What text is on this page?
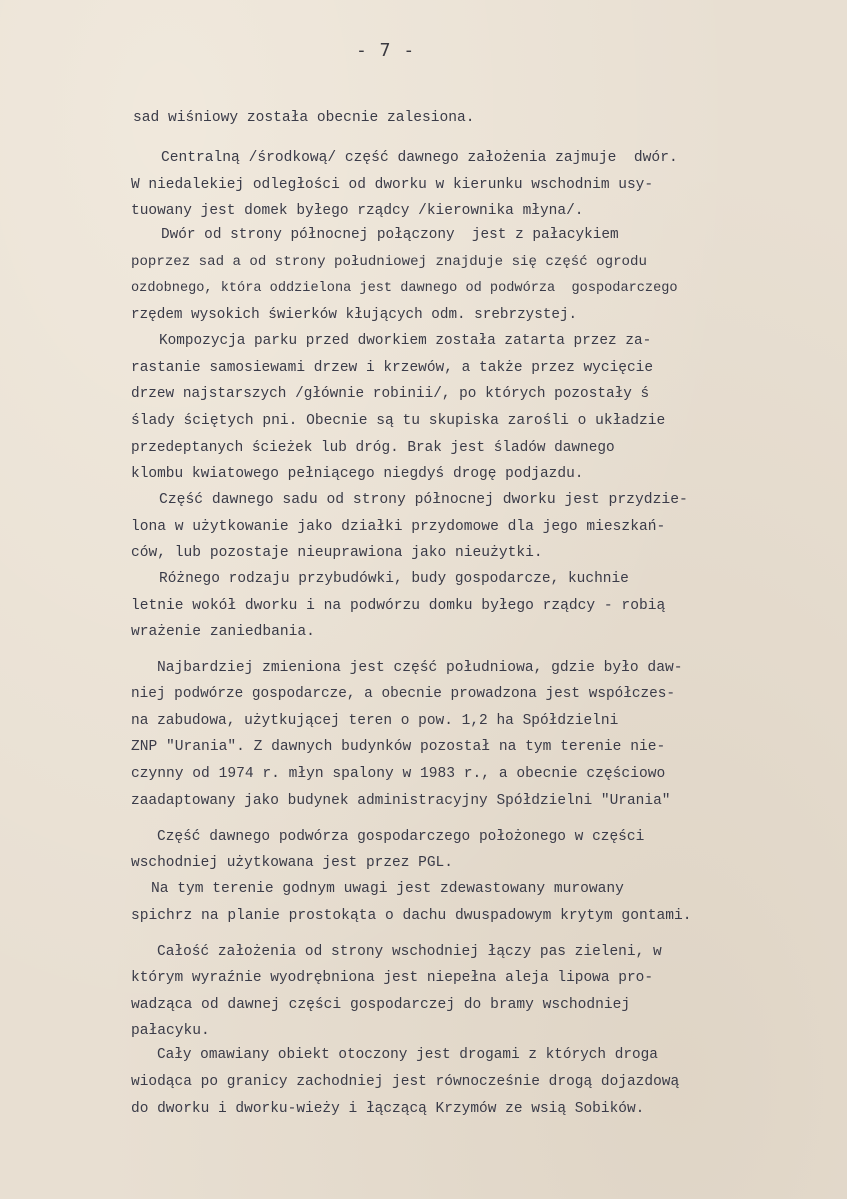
- 7 -
sad wiśniowy została obecnie zalesiona.
Centralną /środkową/ część dawnego założenia zajmuje  dwór.
W niedalekiej odległości od dworku w kierunku wschodnim usy-
tuowany jest domek byłego rządcy /kierownika młyna/.
Dwór od strony północnej połączony  jest z pałacykiem
poprzez sad a od strony południowej znajduje się część ogrodu
ozdobnego, która oddzielona jest dawnego od podwórza  gospodarczego
rzędem wysokich świerków kłujących odm. srebrzystej.
Kompozycja parku przed dworkiem została zatarta przez za-
rastanie samosiewami drzew i krzewów, a także przez wycięcie
drzew najstarszych /głównie robinii/, po których pozostały ś
ślady ściętych pni. Obecnie są tu skupiska zarośli o układzie
przedeptanych ścieżek lub dróg. Brak jest śladów dawnego
klombu kwiatowego pełniącego niegdyś drogę podjazdu.
Część dawnego sadu od strony północnej dworku jest przydzie-
lona w użytkowanie jako działki przydomowe dla jego mieszkań-
ców, lub pozostaje nieuprawiona jako nieużytki.
Różnego rodzaju przybudówki, budy gospodarcze, kuchnie
letnie wokół dworku i na podwórzu domku byłego rządcy - robią
wrażenie zaniedbania.
Najbardziej zmieniona jest część południowa, gdzie było daw-
niej podwórze gospodarcze, a obecnie prowadzona jest współczes-
na zabudowa, użytkującej teren o pow. 1,2 ha Spółdzielni
ZNP "Urania". Z dawnych budynków pozostał na tym terenie nie-
czynny od 1974 r. młyn spalony w 1983 r., a obecnie częściowo
zaadaptowany jako budynek administracyjny Spółdzielni "Urania"
Część dawnego podwórza gospodarczego położonego w części
wschodniej użytkowana jest przez PGL.
Na tym terenie godnym uwagi jest zdewastowany murowany
spichrz na planie prostokąta o dachu dwuspadowym krytym gontami.
Całość założenia od strony wschodniej łączy pas zieleni, w
którym wyraźnie wyodrębniona jest niepełna aleja lipowa pro-
wadząca od dawnej części gospodarczej do bramy wschodniej
pałacyku.
Cały omawiany obiekt otoczony jest drogami z których droga
wiodąca po granicy zachodniej jest równocześnie drogą dojazdową
do dworku i dworku-wieży i łączącą Krzymów ze wsią Sobików.
